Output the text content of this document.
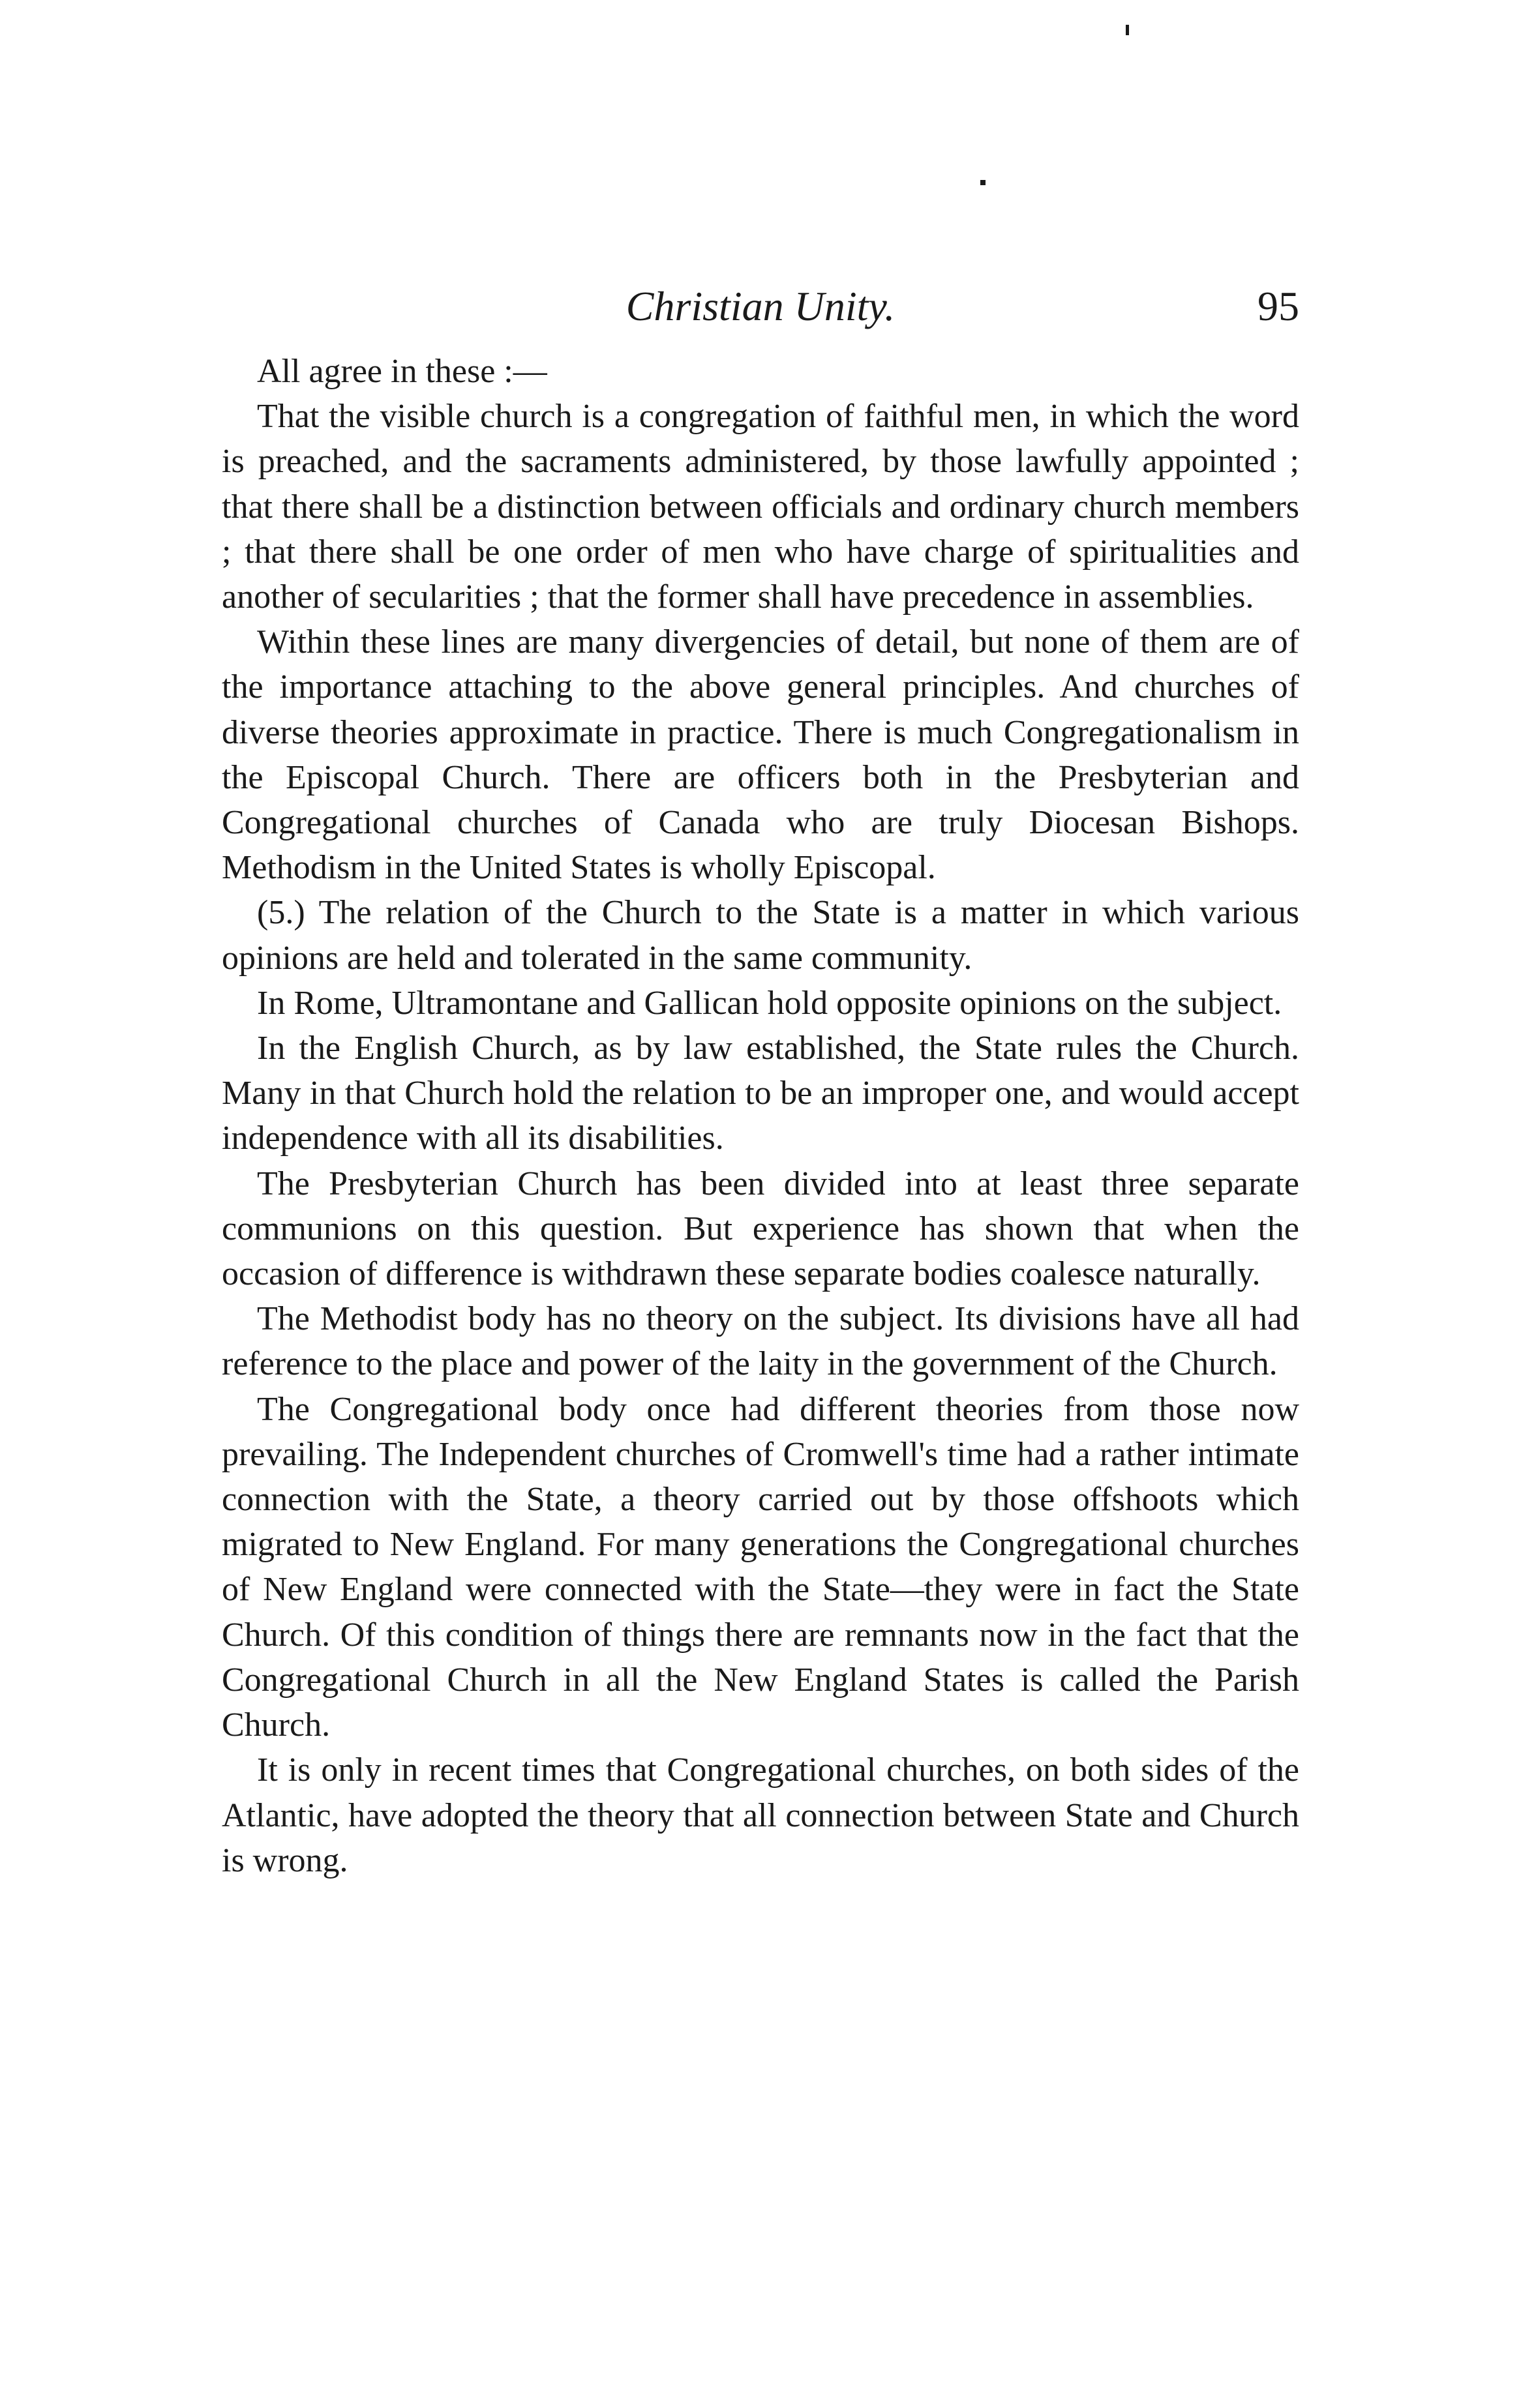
Christian Unity.	95

All agree in these :—

That the visible church is a congregation of faithful men, in which the word is preached, and the sacraments administered, by those lawfully appointed ; that there shall be a distinction between officials and ordinary church members ; that there shall be one order of men who have charge of spiritualities and another of secularities ; that the former shall have precedence in assemblies.

Within these lines are many divergencies of detail, but none of them are of the importance attaching to the above general principles. And churches of diverse theories approximate in practice. There is much Congregationalism in the Episcopal Church. There are officers both in the Presbyterian and Congregational churches of Canada who are truly Diocesan Bishops. Methodism in the United States is wholly Episcopal.

(5.) The relation of the Church to the State is a matter in which various opinions are held and tolerated in the same community.

In Rome, Ultramontane and Gallican hold opposite opinions on the subject.

In the English Church, as by law established, the State rules the Church. Many in that Church hold the relation to be an improper one, and would accept independence with all its disabilities.

The Presbyterian Church has been divided into at least three separate communions on this question. But experience has shown that when the occasion of difference is withdrawn these separate bodies coalesce naturally.

The Methodist body has no theory on the subject. Its divisions have all had reference to the place and power of the laity in the government of the Church.

The Congregational body once had different theories from those now prevailing. The Independent churches of Cromwell's time had a rather intimate connection with the State, a theory carried out by those offshoots which migrated to New England. For many generations the Congregational churches of New England were connected with the State—they were in fact the State Church. Of this condition of things there are remnants now in the fact that the Congregational Church in all the New England States is called the Parish Church.

It is only in recent times that Congregational churches, on both sides of the Atlantic, have adopted the theory that all connection between State and Church is wrong.
